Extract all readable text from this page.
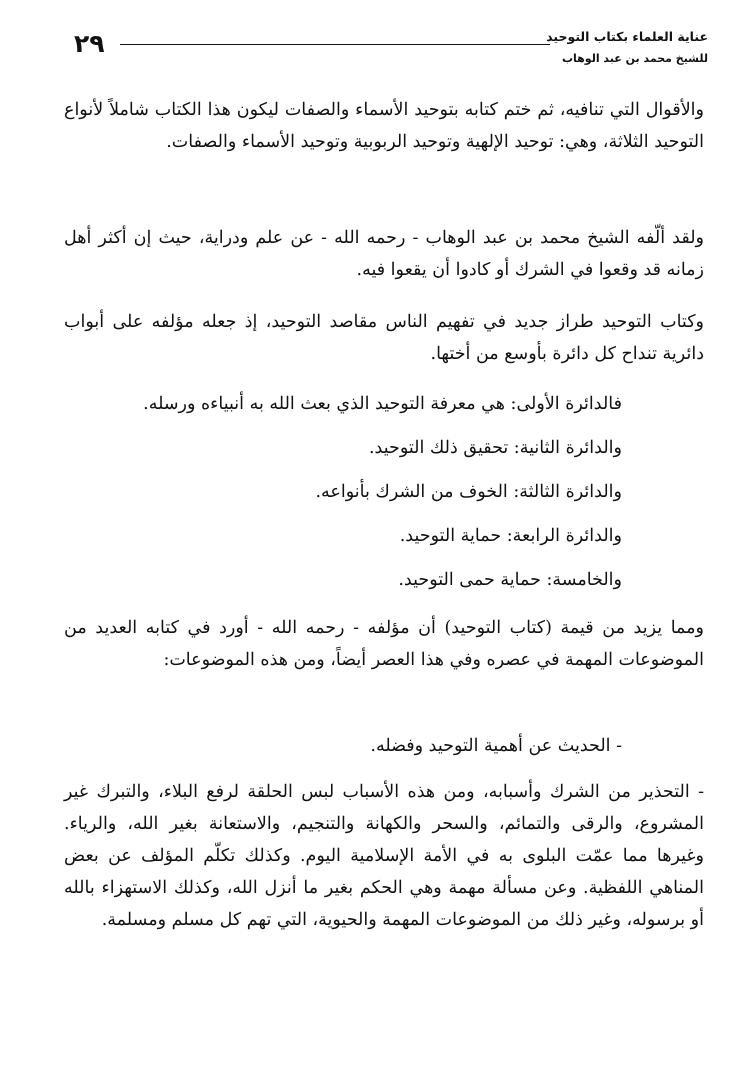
٢٩	عناية العلماء بكتاب التوحيد
للشيخ محمد بن عبد الوهاب

والأقوال التي تنافيه، ثم ختم كتابه بتوحيد الأسماء والصفات ليكون هذا الكتاب شاملاً لأنواع التوحيد الثلاثة، وهي: توحيد الإلهية وتوحيد الربوبية وتوحيد الأسماء والصفات.

ولقد ألّفه الشيخ محمد بن عبد الوهاب - رحمه الله - عن علم ودراية، حيث إن أكثر أهل زمانه قد وقعوا في الشرك أو كادوا أن يقعوا فيه.

وكتاب التوحيد طراز جديد في تفهيم الناس مقاصد التوحيد، إذ جعله مؤلفه على أبواب دائرية تنداح كل دائرة بأوسع من أختها.

فالدائرة الأولى: هي معرفة التوحيد الذي بعث الله به أنبياءه ورسله.

والدائرة الثانية: تحقيق ذلك التوحيد.

والدائرة الثالثة: الخوف من الشرك بأنواعه.

والدائرة الرابعة: حماية التوحيد.

والخامسة: حماية حمى التوحيد.

ومما يزيد من قيمة (كتاب التوحيد) أن مؤلفه - رحمه الله - أورد في كتابه العديد من الموضوعات المهمة في عصره وفي هذا العصر أيضاً، ومن هذه الموضوعات:

- الحديث عن أهمية التوحيد وفضله.

- التحذير من الشرك وأسبابه، ومن هذه الأسباب لبس الحلقة لرفع البلاء، والتبرك غير المشروع، والرقى والتمائم، والسحر والكهانة والتنجيم، والاستعانة بغير الله، والرياء. وغيرها مما عمّت البلوى به في الأمة الإسلامية اليوم. وكذلك تكلّم المؤلف عن بعض المناهي اللفظية. وعن مسألة مهمة وهي الحكم بغير ما أنزل الله، وكذلك الاستهزاء بالله أو برسوله، وغير ذلك من الموضوعات المهمة والحيوية، التي تهم كل مسلم ومسلمة.
